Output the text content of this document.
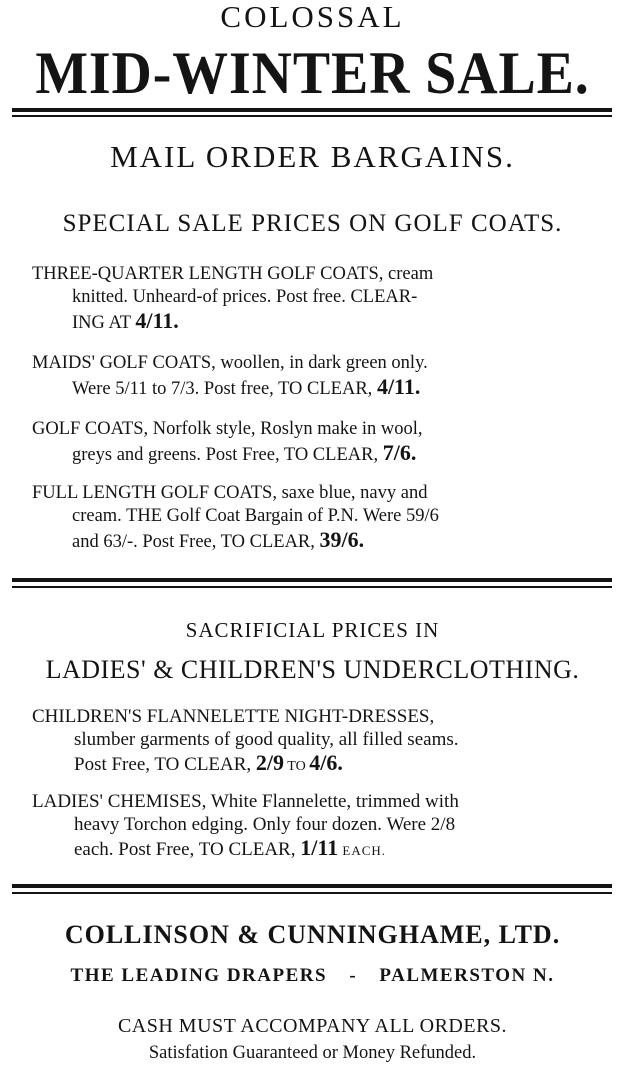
COLOSSAL
MID-WINTER SALE.
MAIL ORDER BARGAINS.
SPECIAL SALE PRICES ON GOLF COATS.
THREE-QUARTER LENGTH GOLF COATS, cream
knitted. Unheard-of prices. Post free. CLEAR-
ING AT 4/11.
MAIDS' GOLF COATS, woollen, in dark green only.
Were 5/11 to 7/3. Post free, TO CLEAR, 4/11.
GOLF COATS, Norfolk style, Roslyn make in wool,
greys and greens. Post Free, TO CLEAR, 7/6.
FULL LENGTH GOLF COATS, saxe blue, navy and
cream. THE Golf Coat Bargain of P.N. Were 59/6
and 63/-. Post Free, TO CLEAR, 39/6.
SACRIFICIAL PRICES IN
LADIES' & CHILDREN'S UNDERCLOTHING.
CHILDREN'S FLANNELETTE NIGHT-DRESSES,
slumber garments of good quality, all filled seams.
Post Free, TO CLEAR, 2/9 TO 4/6.
LADIES' CHEMISES, White Flannelette, trimmed with
heavy Torchon edging. Only four dozen. Were 2/8
each. Post Free, TO CLEAR, 1/11 EACH.
COLLINSON & CUNNINGHAME, LTD.
THE LEADING DRAPERS - PALMERSTON N.
CASH MUST ACCOMPANY ALL ORDERS.
Satisfation Guaranteed or Money Refunded.
